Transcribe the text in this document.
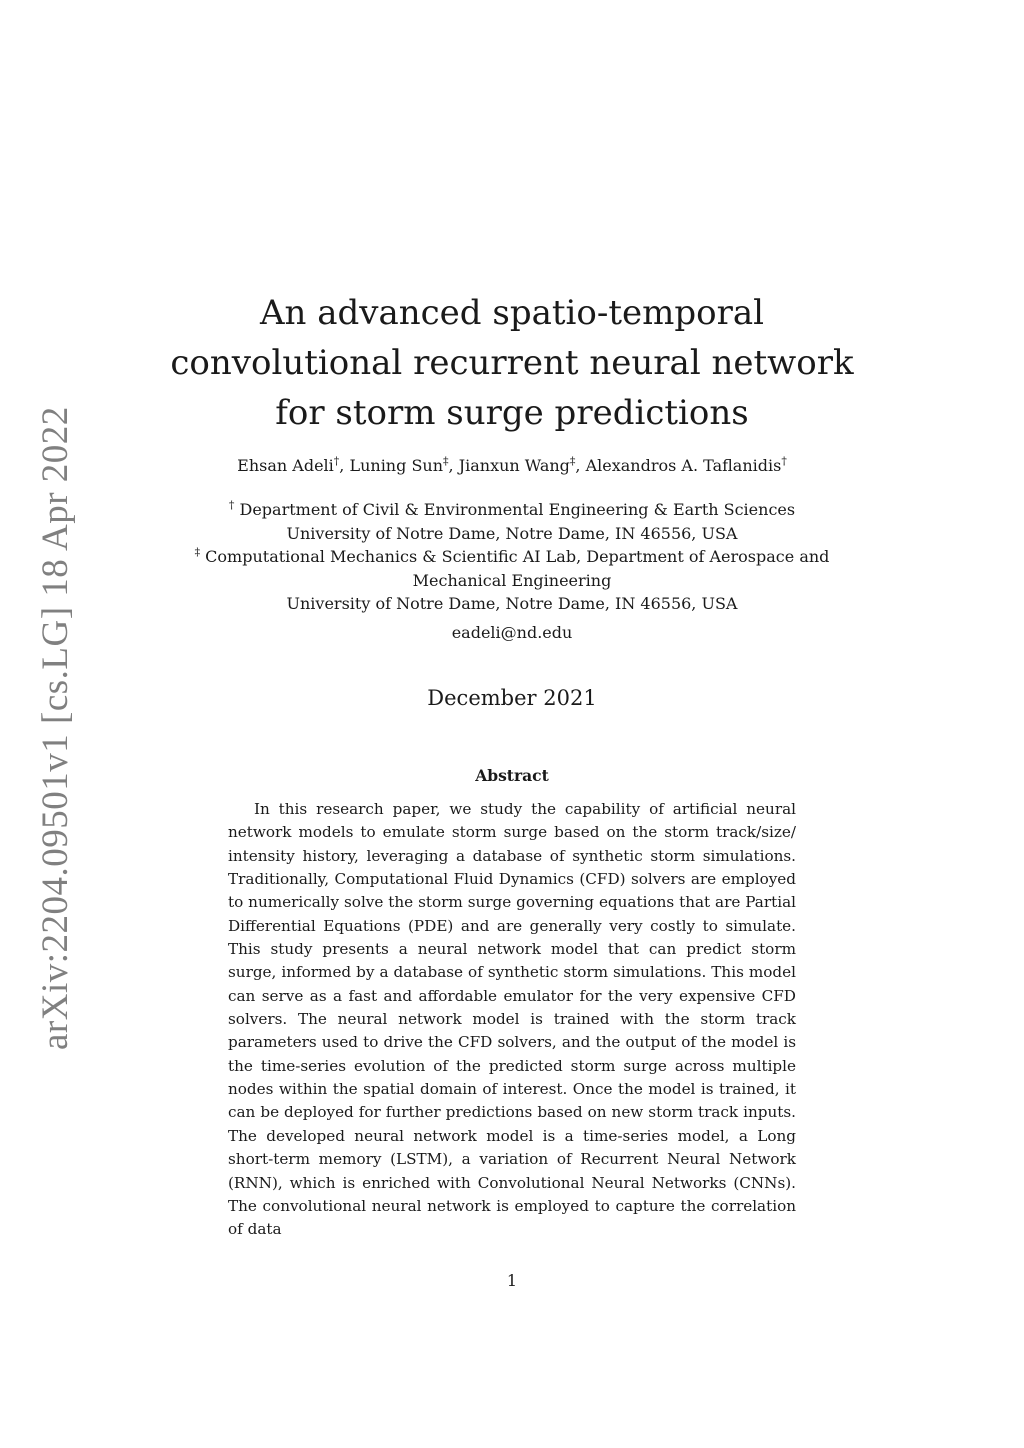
arXiv:2204.09501v1 [cs.LG] 18 Apr 2022
An advanced spatio-temporal convolutional recurrent neural network for storm surge predictions
Ehsan Adeli†, Luning Sun‡, Jianxun Wang‡, Alexandros A. Taflanidis†
† Department of Civil & Environmental Engineering & Earth Sciences
University of Notre Dame, Notre Dame, IN 46556, USA
‡ Computational Mechanics & Scientific AI Lab, Department of Aerospace and
Mechanical Engineering
University of Notre Dame, Notre Dame, IN 46556, USA
eadeli@nd.edu
December 2021
Abstract

In this research paper, we study the capability of artificial neural network models to emulate storm surge based on the storm track/size/ intensity history, leveraging a database of synthetic storm simulations. Traditionally, Computational Fluid Dynamics (CFD) solvers are employed to numerically solve the storm surge governing equations that are Partial Differential Equations (PDE) and are generally very costly to simulate. This study presents a neural network model that can predict storm surge, informed by a database of synthetic storm simulations. This model can serve as a fast and affordable emulator for the very expensive CFD solvers. The neural network model is trained with the storm track parameters used to drive the CFD solvers, and the output of the model is the time-series evolution of the predicted storm surge across multiple nodes within the spatial domain of interest. Once the model is trained, it can be deployed for further predictions based on new storm track inputs. The developed neural network model is a time-series model, a Long short-term memory (LSTM), a variation of Recurrent Neural Network (RNN), which is enriched with Convolutional Neural Networks (CNNs). The convolutional neural network is employed to capture the correlation of data

1
